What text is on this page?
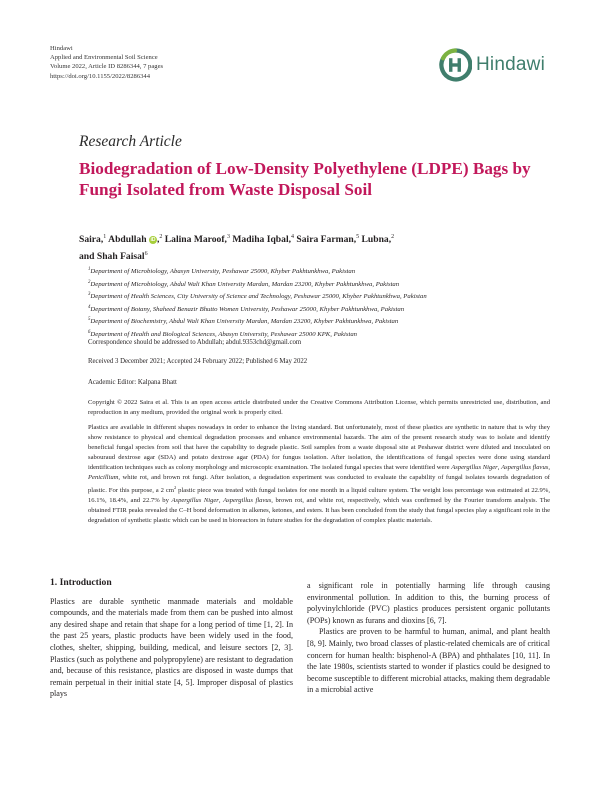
Hindawi
Applied and Environmental Soil Science
Volume 2022, Article ID 8286344, 7 pages
https://doi.org/10.1155/2022/8286344
Hindawi
Research Article
Biodegradation of Low-Density Polyethylene (LDPE) Bags by Fungi Isolated from Waste Disposal Soil
Saira,$^1$ Abdullah iD ,$^2$ Lalina Maroof,$^3$ Madiha Iqbal,$^4$ Saira Farman,$^5$ Lubna,$^2$
and Shah Faisal$^6$
$^1$Department of Microbiology, Abasyn University, Peshawar 25000, Khyber Pakhtunkhwa, Pakistan
$^2$Department of Microbiology, Abdul Wali Khan University Mardan, Mardan 23200, Khyber Pakhtunkhwa, Pakistan
$^3$Department of Health Sciences, City University of Science and Technology, Peshawar 25000, Khyber Pakhtunkhwa, Pakistan
$^4$Department of Botany, Shaheed Benazir Bhutto Women University, Peshawar 25000, Khyber Pakhtunkhwa, Pakistan
$^5$Department of Biochemistry, Abdul Wali Khan University Mardan, Mardan 23200, Khyber Pakhtunkhwa, Pakistan
$^6$Department of Health and Biological Sciences, Abasyn University, Peshawar 25000 KPK, Pakistan
Correspondence should be addressed to Abdullah; abdul.9353chd@gmail.com
Received 3 December 2021; Accepted 24 February 2022; Published 6 May 2022
Academic Editor: Kalpana Bhatt
Copyright © 2022 Saira et al. This is an open access article distributed under the Creative Commons Attribution License, which permits unrestricted use, distribution, and reproduction in any medium, provided the original work is properly cited.
Plastics are available in different shapes nowadays in order to enhance the living standard. But unfortunately, most of these plastics are synthetic in nature that is why they show resistance to physical and chemical degradation processes and enhance environmental hazards. The aim of the present research study was to isolate and identify beneficial fungal species from soil that have the capability to degrade plastic. Soil samples from a waste disposal site at Peshawar district were diluted and inoculated on sabouraud dextrose agar (SDA) and potato dextrose agar (PDA) for fungus isolation. After isolation, the identifications of fungal species were done using standard identification techniques such as colony morphology and microscopic examination. The isolated fungal species that were identified were Aspergillus Niger, Aspergillus flavus, Penicillium, white rot, and brown rot fungi. After isolation, a degradation experiment was conducted to evaluate the capability of fungal isolates towards degradation of plastic. For this purpose, a 2 $cm^2$ plastic piece was treated with fungal isolates for one month in a liquid culture system. The weight loss percentage was estimated at 22.9%, 16.1%, 18.4%, and 22.7% by Aspergillus Niger, Aspergillus flavus, brown rot, and white rot, respectively, which was confirmed by the Fourier transform analysis. The obtained FTIR peaks revealed the C–H bond deformation in alkenes, ketones, and esters. It has been concluded from the study that fungal species play a significant role in the degradation of synthetic plastic which can be used in bioreactors in future studies for the degradation of complex plastic materials.
1. Introduction

Plastics are durable synthetic manmade materials and moldable compounds, and the materials made from them can be pushed into almost any desired shape and retain that shape for a long period of time [1, 2]. In the past 25 years, plastic products have been widely used in the food, clothes, shelter, shipping, building, medical, and leisure sectors [2, 3]. Plastics (such as polythene and polypropylene) are resistant to degradation and, because of this resistance, plastics are disposed in waste dumps that remain perpetual in their initial state [4, 5]. Improper disposal of plastics plays

a significant role in potentially harming life through causing environmental pollution. In addition to this, the burning process of polyvinylchloride (PVC) plastics produces persistent organic pollutants (POPs) known as furans and dioxins [6, 7].

Plastics are proven to be harmful to human, animal, and plant health [8, 9]. Mainly, two broad classes of plastic-related chemicals are of critical concern for human health: bisphenol-A (BPA) and phthalates [10, 11]. In the late 1980s, scientists started to wonder if plastics could be designed to become susceptible to different microbial attacks, making them degradable in a microbial active
